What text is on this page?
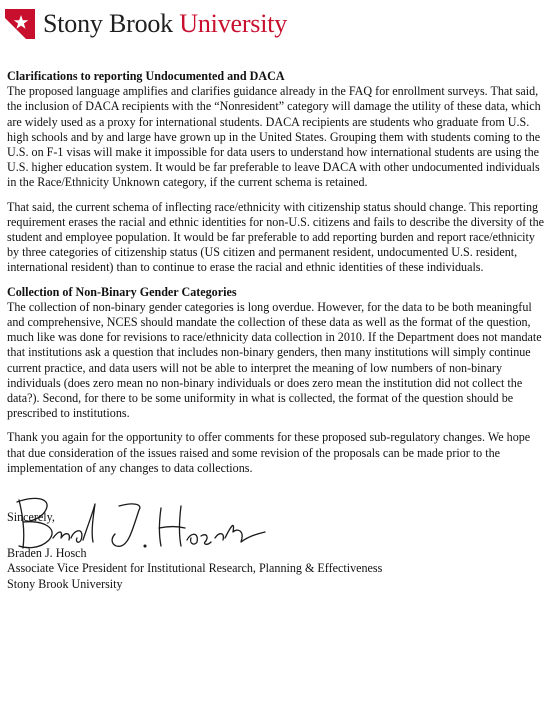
Stony Brook University

Clarifications to reporting Undocumented and DACA

The proposed language amplifies and clarifies guidance already in the FAQ for enrollment surveys. That said, the inclusion of DACA recipients with the “Nonresident” category will damage the utility of these data, which are widely used as a proxy for international students. DACA recipients are students who graduate from U.S. high schools and by and large have grown up in the United States. Grouping them with students coming to the U.S. on F-1 visas will make it impossible for data users to understand how international students are using the U.S. higher education system. It would be far preferable to leave DACA with other undocumented individuals in the Race/Ethnicity Unknown category, if the current schema is retained.

That said, the current schema of inflecting race/ethnicity with citizenship status should change. This reporting requirement erases the racial and ethnic identities for non-U.S. citizens and fails to describe the diversity of the student and employee population. It would be far preferable to add reporting burden and report race/ethnicity by three categories of citizenship status (US citizen and permanent resident, undocumented U.S. resident, international resident) than to continue to erase the racial and ethnic identities of these individuals.

Collection of Non-Binary Gender Categories

The collection of non-binary gender categories is long overdue. However, for the data to be both meaningful and comprehensive, NCES should mandate the collection of these data as well as the format of the question, much like was done for revisions to race/ethnicity data collection in 2010. If the Department does not mandate that institutions ask a question that includes non-binary genders, then many institutions will simply continue current practice, and data users will not be able to interpret the meaning of low numbers of non-binary individuals (does zero mean no non-binary individuals or does zero mean the institution did not collect the data?). Second, for there to be some uniformity in what is collected, the format of the question should be prescribed to institutions.

Thank you again for the opportunity to offer comments for these proposed sub-regulatory changes. We hope that due consideration of the issues raised and some revision of the proposals can be made prior to the implementation of any changes to data collections.

Sincerely,

Braden J. Hosch

Associate Vice President for Institutional Research, Planning & Effectiveness

Stony Brook University
